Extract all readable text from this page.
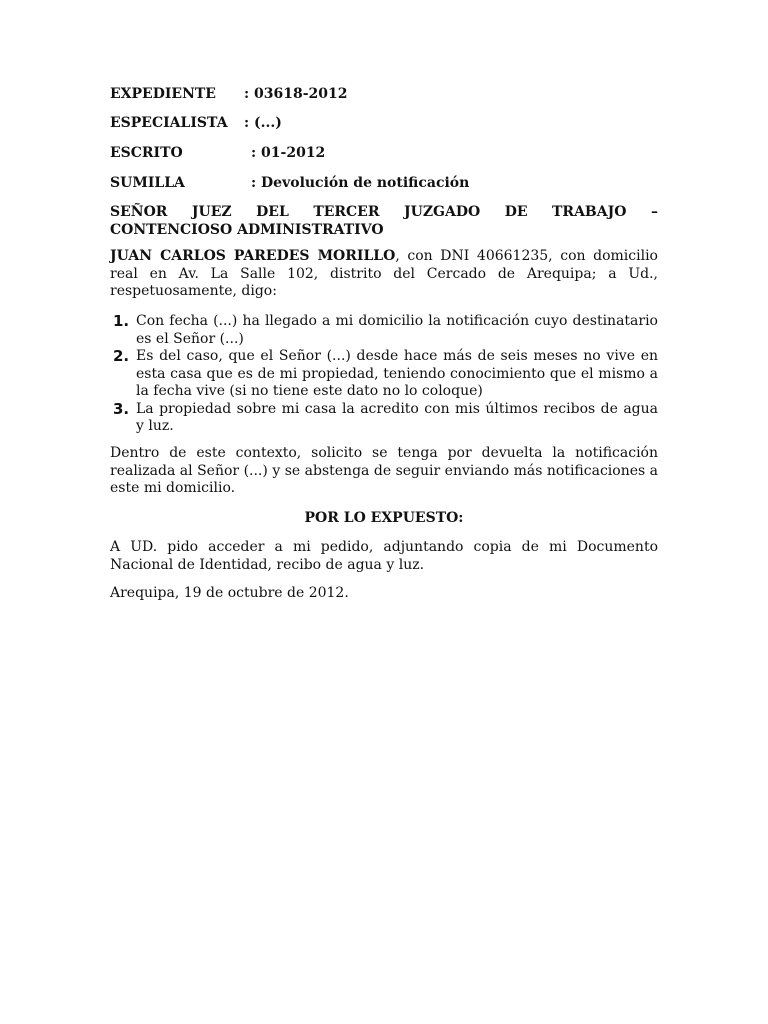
EXPEDIENTE : 03618-2012
ESPECIALISTA : (...)
ESCRITO	: 01-2012
SUMILLA	: Devolución de notificación
SEÑOR JUEZ DEL TERCER JUZGADO DE TRABAJO –
CONTENCIOSO ADMINISTRATIVO
JUAN CARLOS PAREDES MORILLO, con DNI 40661235, con domicilio real en Av. La Salle 102, distrito del Cercado de Arequipa; a Ud., respetuosamente, digo:
1. Con fecha (...) ha llegado a mi domicilio la notificación cuyo destinatario es el Señor (...)
2. Es del caso, que el Señor (...) desde hace más de seis meses no vive en esta casa que es de mi propiedad, teniendo conocimiento que el mismo a la fecha vive (si no tiene este dato no lo coloque)
3. La propiedad sobre mi casa la acredito con mis últimos recibos de agua y luz.
Dentro de este contexto, solicito se tenga por devuelta la notificación realizada al Señor (...) y se abstenga de seguir enviando más notificaciones a este mi domicilio.
POR LO EXPUESTO:
A UD. pido acceder a mi pedido, adjuntando copia de mi Documento Nacional de Identidad, recibo de agua y luz.
Arequipa, 19 de octubre de 2012.
